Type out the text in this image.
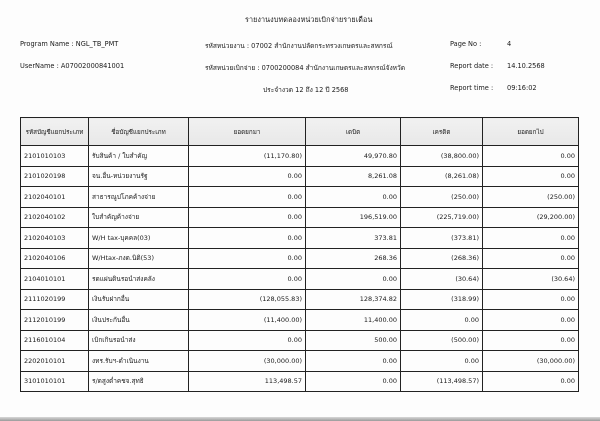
รายงานงบทดลองหน่วยเบิกจ่ายรายเดือน
Program Name : NGL_TB_PMT
UserName : A07002000841001
รหัสหน่วยงาน : 07002 สำนักงานปลัดกระทรวงเกษตรและสหกรณ์
รหัสหน่วยเบิกจ่าย : 0700200084 สำนักงานเกษตรและสหกรณ์จังหวัด
ประจำงวด 12 ถึง 12 ปี 2568
Page No :	4
Report date : 14.10.2568
Report time : 09:16:02
รหัสบัญชีแยกประเภท	ชื่อบัญชีแยกประเภท	ยอดยกมา	เดบิต	เครดิต	ยอดยกไป
2101010103	รับสินค้า / ใบสำคัญ	(11,170.80)	49,970.80	(38,800.00)	0.00
2101020198	จน.อื่น-หน่วยงานรัฐ	0.00	8,261.08	(8,261.08)	0.00
2102040101	สาธารณูปโภคค้างจ่าย	0.00	0.00	(250.00)	(250.00)
2102040102	ใบสำคัญค้างจ่าย	0.00	196,519.00	(225,719.00)	(29,200.00)
2102040103	W/H tax-บุคคล(03)	0.00	373.81	(373.81)	0.00
2102040106	W/Htax-ภงด.นิติ(53)	0.00	268.36	(268.36)	0.00
2104010101	รดแผ่นดินรอนำส่งคลัง	0.00	0.00	(30.64)	(30.64)
2111020199	เงินรับฝากอื่น	(128,055.83)	128,374.82	(318.99)	0.00
2112010199	เงินประกันอื่น	(11,400.00)	11,400.00	0.00	0.00
2116010104	เบิกเกินรอนำส่ง	0.00	500.00	(500.00)	0.00
2202010101	งทร.รับฯ-ดำเนินงาน	(30,000.00)	0.00	0.00	(30,000.00)
3101010101	ร/ดสูงต่ำคชจ.สุทธิ	113,498.57	0.00	(113,498.57)	0.00
